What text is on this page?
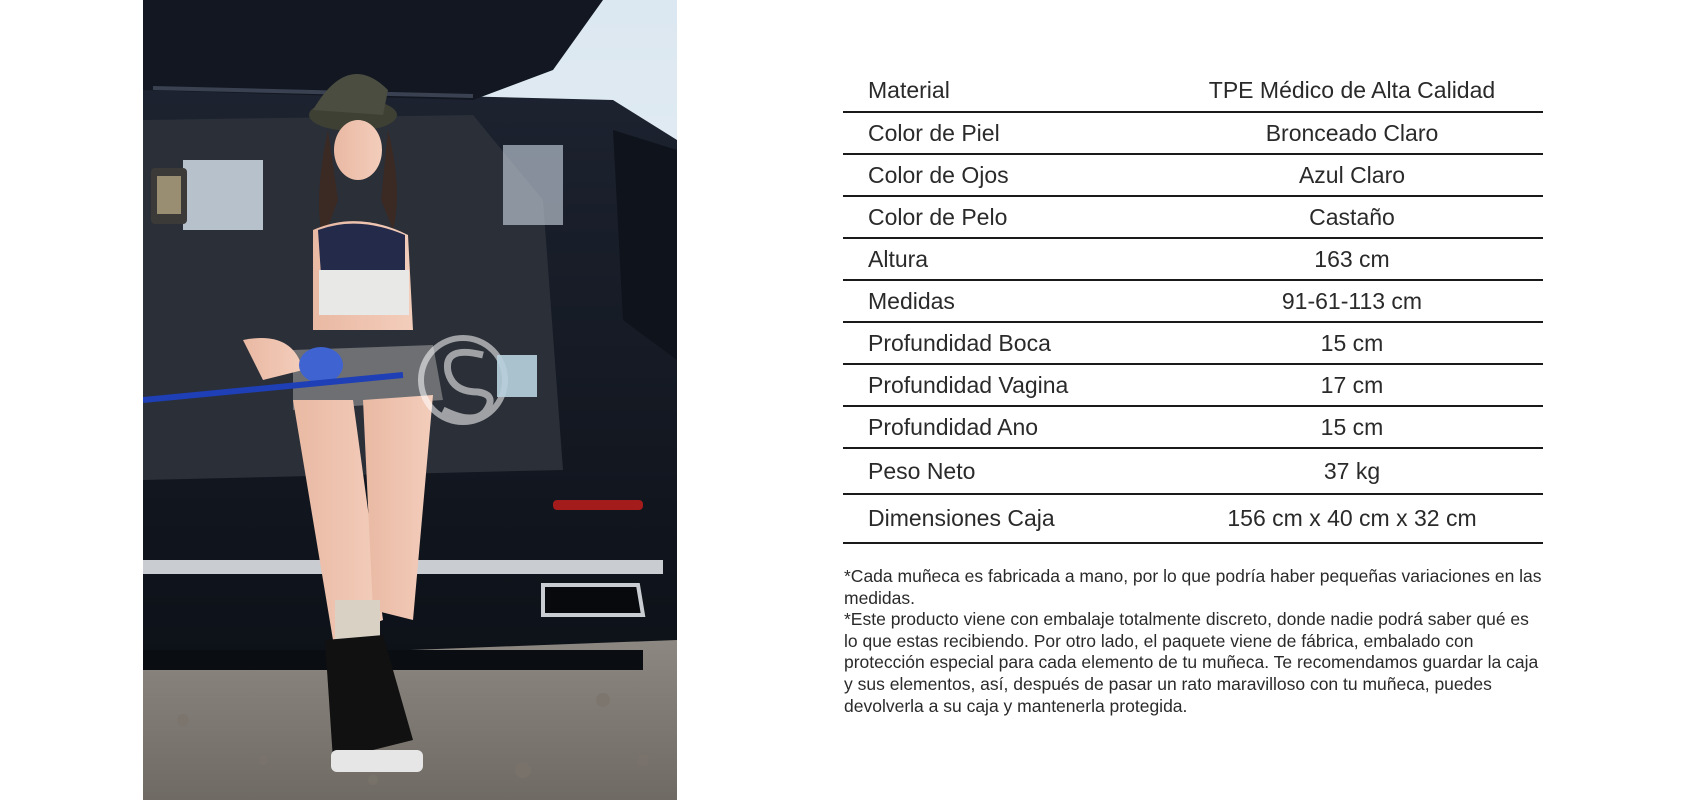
Material	TPE Médico de Alta Calidad
Color de Piel	Bronceado Claro
Color de Ojos	Azul Claro
Color de Pelo	Castaño
Altura	163 cm
Medidas	91-61-113 cm
Profundidad Boca	15 cm
Profundidad Vagina	17 cm
Profundidad Ano	15 cm
Peso Neto	37 kg
Dimensiones Caja	156 cm x 40 cm x 32 cm

*Cada muñeca es fabricada a mano, por lo que podría haber pequeñas variaciones en las medidas.

*Este producto viene con embalaje totalmente discreto, donde nadie podrá saber qué es lo que estas recibiendo. Por otro lado, el paquete viene de fábrica, embalado con protección especial para cada elemento de tu muñeca. Te recomendamos guardar la caja y sus elementos, así, después de pasar un rato maravilloso con tu muñeca, puedes devolverla a su caja y mantenerla protegida.
